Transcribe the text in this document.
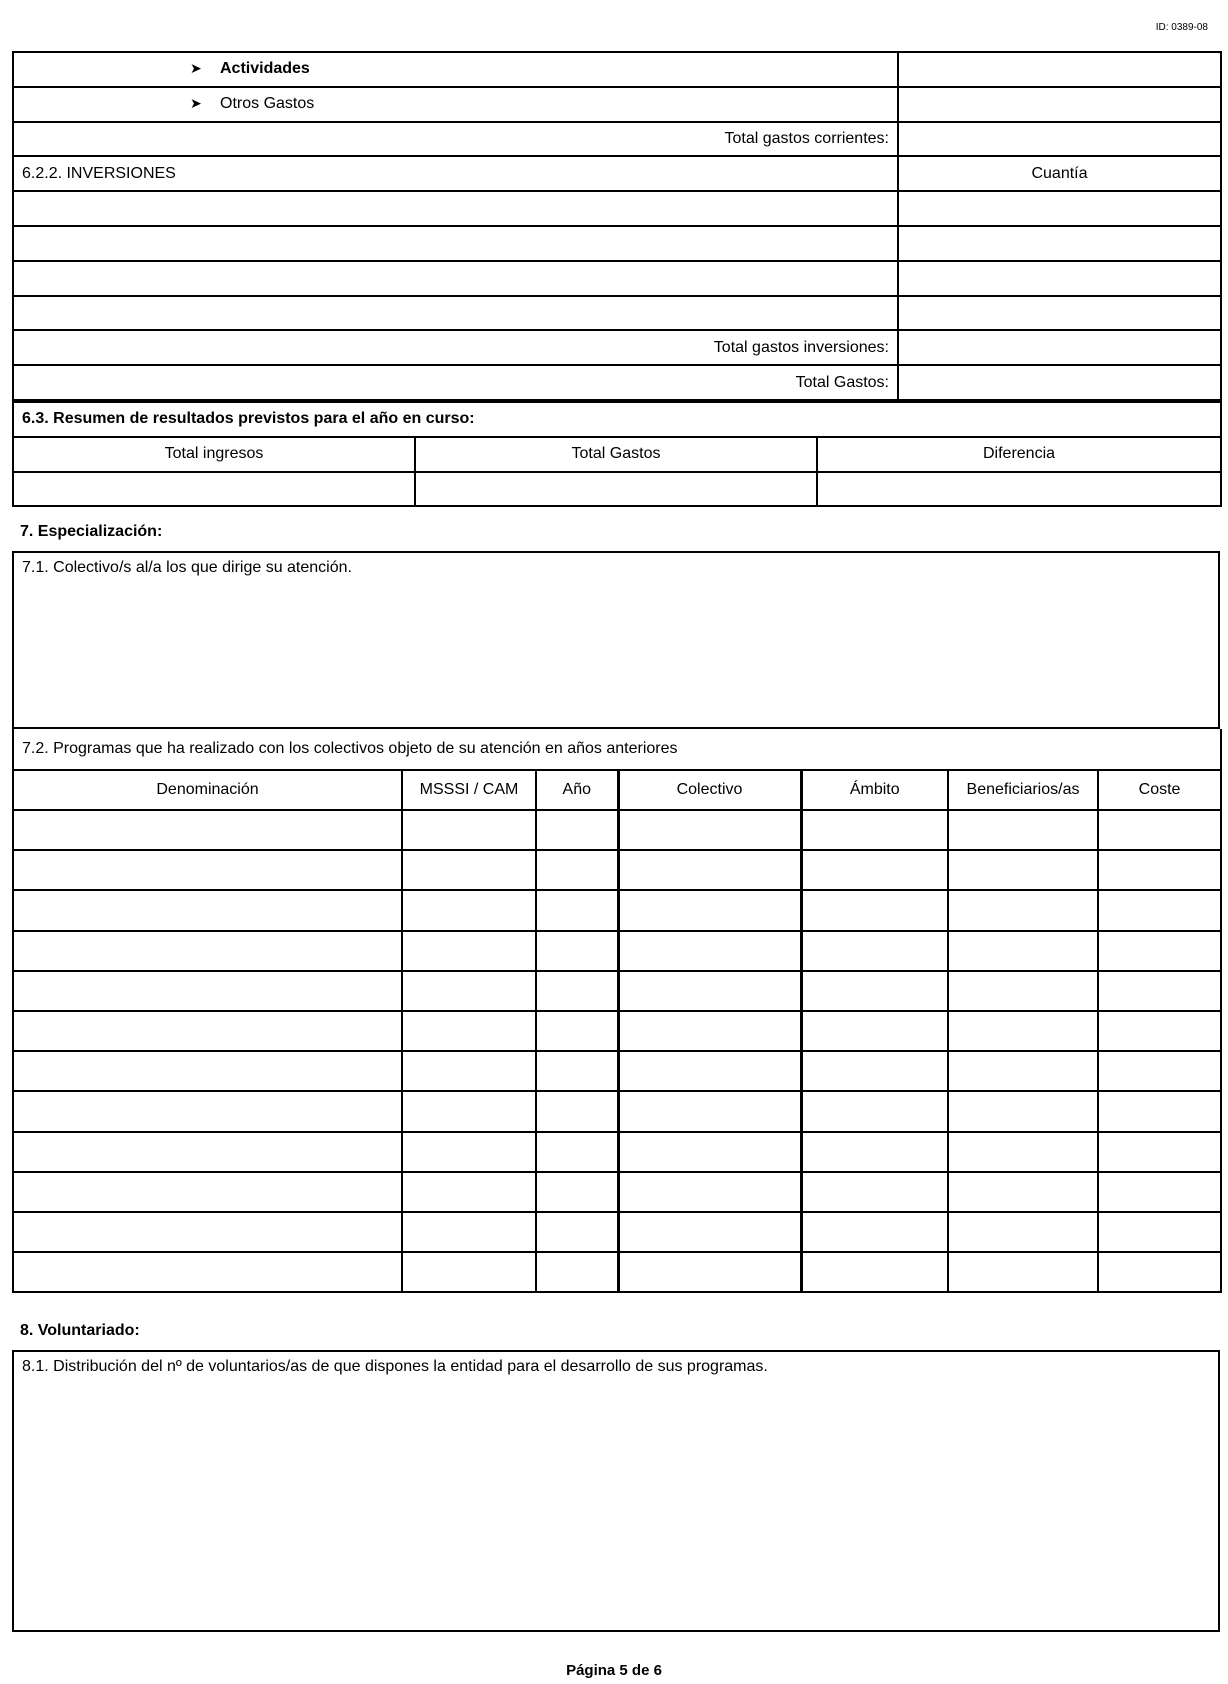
ID: 0389-08
➤ Actividades	
➤ Otros Gastos	
Total gastos corrientes:	
6.2.2. INVERSIONES	Cuantía

Total gastos inversiones:	
Total Gastos:	
6.3. Resumen de resultados previstos para el año en curso:		
Total ingresos	Total Gastos	Diferencia

7. Especialización:
7.1. Colectivo/s al/a los que dirige su atención.
7.2. Programas que ha realizado con los colectivos objeto de su atención en años anteriores						
Denominación	MSSSI / CAM	Año	Colectivo	Ámbito	Beneficiarios/as	Coste

8. Voluntariado:
8.1. Distribución del nº de voluntarios/as de que dispones la entidad para el desarrollo de sus programas.
Página 5 de 6
